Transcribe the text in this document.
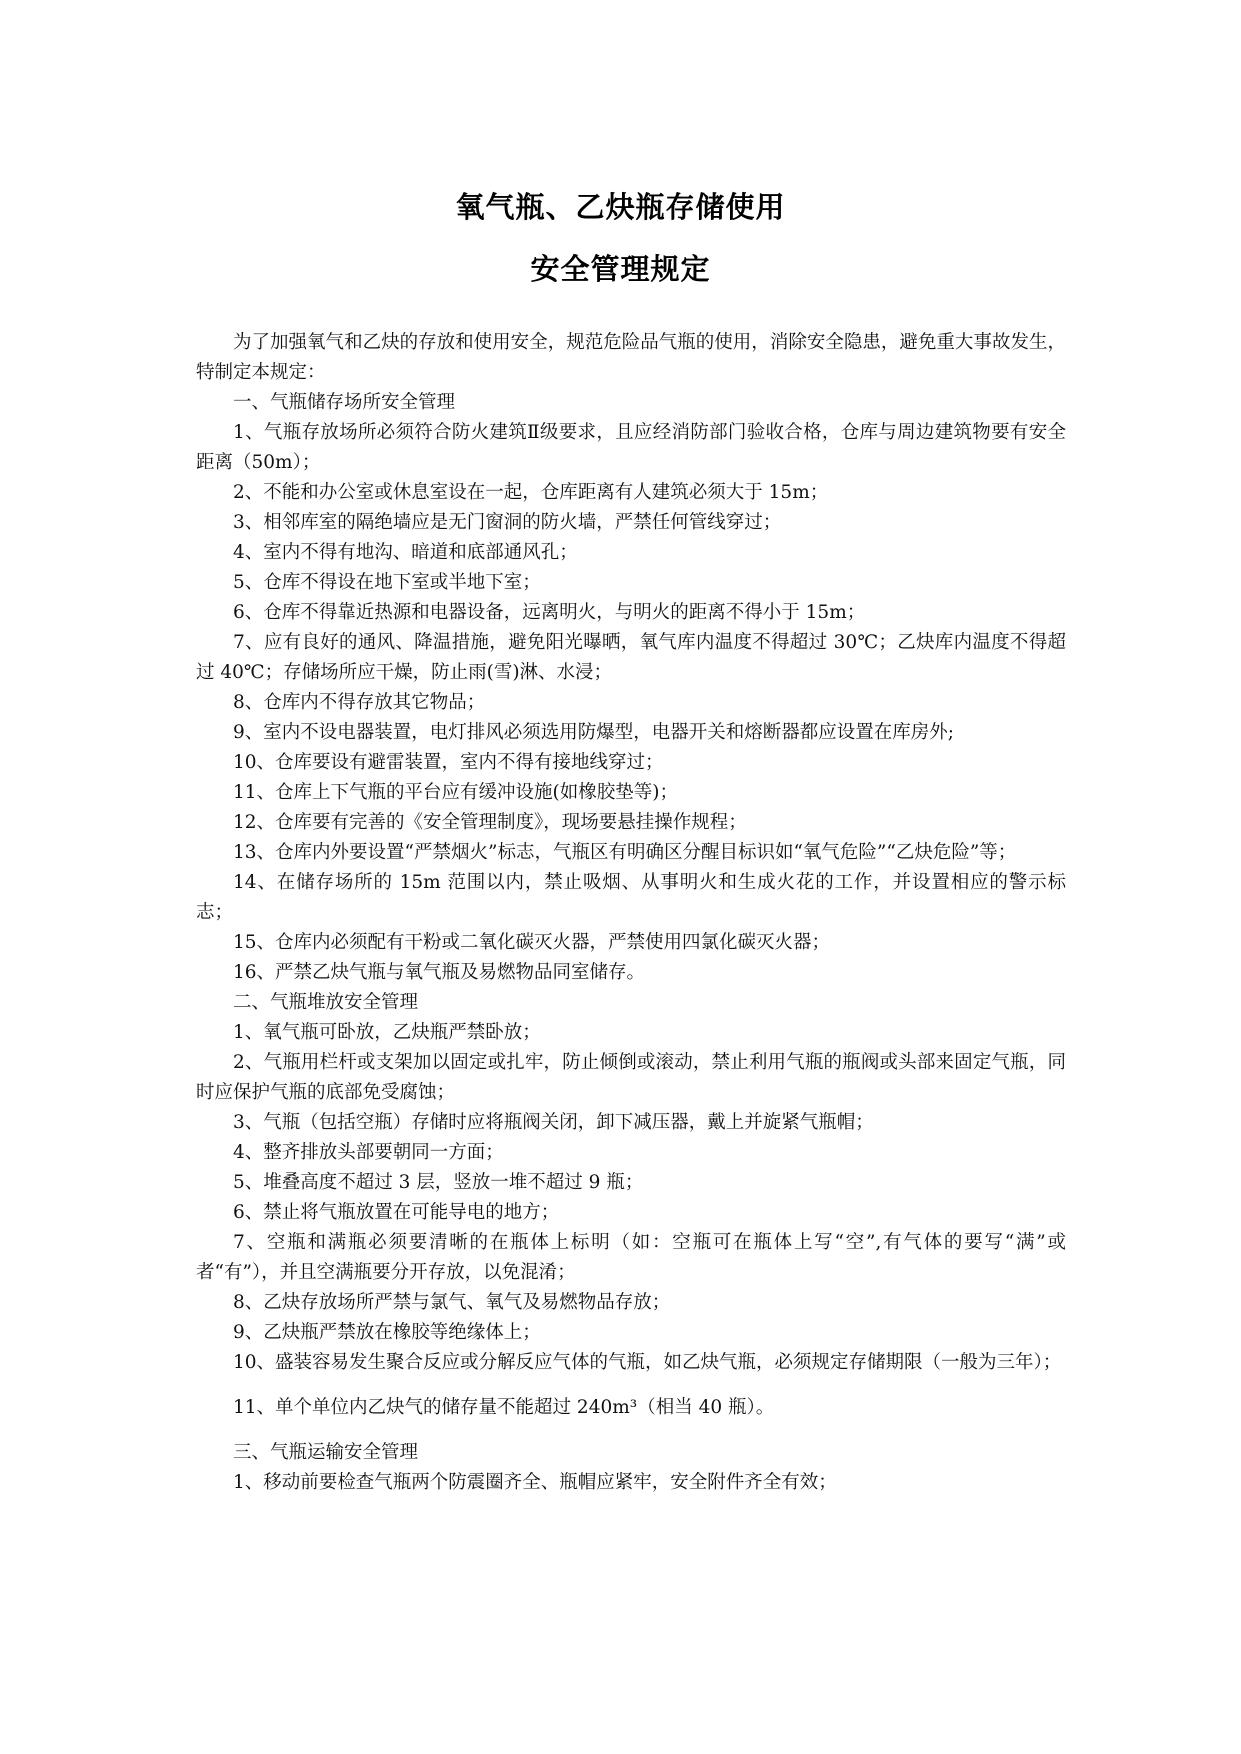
氧气瓶、乙炔瓶存储使用
安全管理规定

为了加强氧气和乙炔的存放和使用安全，规范危险品气瓶的使用，消除安全隐患，避免重大事故发生，特制定本规定：

一、气瓶储存场所安全管理

1、气瓶存放场所必须符合防火建筑Ⅱ级要求，且应经消防部门验收合格，仓库与周边建筑物要有安全距离（50m）；

2、不能和办公室或休息室设在一起，仓库距离有人建筑必须大于 15m；

3、相邻库室的隔绝墙应是无门窗洞的防火墙，严禁任何管线穿过；

4、室内不得有地沟、暗道和底部通风孔；

5、仓库不得设在地下室或半地下室；

6、仓库不得靠近热源和电器设备，远离明火，与明火的距离不得小于 15m；

7、应有良好的通风、降温措施，避免阳光曝晒，氧气库内温度不得超过 30℃；乙炔库内温度不得超过 40℃；存储场所应干燥，防止雨(雪)淋、水浸；

8、仓库内不得存放其它物品；

9、室内不设电器装置，电灯排风必须选用防爆型，电器开关和熔断器都应设置在库房外;

10、仓库要设有避雷装置，室内不得有接地线穿过；

11、仓库上下气瓶的平台应有缓冲设施(如橡胶垫等)；

12、仓库要有完善的《安全管理制度》，现场要悬挂操作规程；

13、仓库内外要设置“严禁烟火”标志，气瓶区有明确区分醒目标识如“氧气危险”“乙炔危险”等；

14、在储存场所的 15m 范围以内，禁止吸烟、从事明火和生成火花的工作，并设置相应的警示标志；

15、仓库内必须配有干粉或二氧化碳灭火器，严禁使用四氯化碳灭火器；

16、严禁乙炔气瓶与氧气瓶及易燃物品同室储存。

二、气瓶堆放安全管理

1、氧气瓶可卧放，乙炔瓶严禁卧放；

2、气瓶用栏杆或支架加以固定或扎牢，防止倾倒或滚动，禁止利用气瓶的瓶阀或头部来固定气瓶，同时应保护气瓶的底部免受腐蚀；

3、气瓶（包括空瓶）存储时应将瓶阀关闭，卸下减压器，戴上并旋紧气瓶帽；

4、整齐排放头部要朝同一方面；

5、堆叠高度不超过 3 层，竖放一堆不超过 9 瓶；

6、禁止将气瓶放置在可能导电的地方；

7、空瓶和满瓶必须要清晰的在瓶体上标明（如：空瓶可在瓶体上写“空”,有气体的要写“满”或者“有”），并且空满瓶要分开存放，以免混淆；

8、乙炔存放场所严禁与氯气、氧气及易燃物品存放；

9、乙炔瓶严禁放在橡胶等绝缘体上；

10、盛装容易发生聚合反应或分解反应气体的气瓶，如乙炔气瓶，必须规定存储期限（一般为三年）；

11、单个单位内乙炔气的储存量不能超过 240m³（相当 40 瓶）。

三、气瓶运输安全管理

1、移动前要检查气瓶两个防震圈齐全、瓶帽应紧牢，安全附件齐全有效；
